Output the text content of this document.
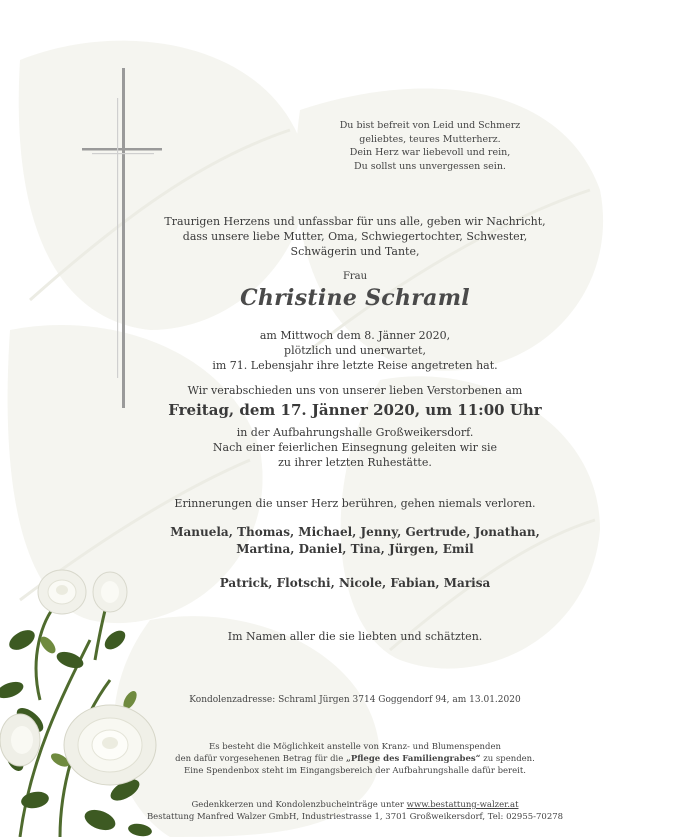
Du bist befreit von Leid und Schmerz
geliebtes, teures Mutterherz.
Dein Herz war liebevoll und rein,
Du sollst uns unvergessen sein.
Traurigen Herzens und unfassbar für uns alle, geben wir Nachricht,
dass unsere liebe Mutter, Oma, Schwiegertochter, Schwester,
Schwägerin und Tante,
Frau
Christine Schraml
am Mittwoch dem 8. Jänner 2020,
plötzlich und unerwartet,
im 71. Lebensjahr ihre letzte Reise angetreten hat.
Wir verabschieden uns von unserer lieben Verstorbenen am
Freitag, dem 17. Jänner 2020, um 11:00 Uhr
in der Aufbahrungshalle Großweikersdorf.
Nach einer feierlichen Einsegnung geleiten wir sie
zu ihrer letzten Ruhestätte.
Erinnerungen die unser Herz berühren, gehen niemals verloren.
Manuela, Thomas, Michael, Jenny, Gertrude, Jonathan,
Martina, Daniel, Tina, Jürgen, Emil
Patrick, Flotschi, Nicole, Fabian, Marisa
Im Namen aller die sie liebten und schätzten.
Kondolenzadresse: Schraml Jürgen 3714 Goggendorf 94, am 13.01.2020
Es besteht die Möglichkeit anstelle von Kranz- und Blumenspenden
den dafür vorgesehenen Betrag für die „Pflege des Familiengrabes“ zu spenden.
Eine Spendenbox steht im Eingangsbereich der Aufbahrungshalle dafür bereit.
Gedenkkerzen und Kondolenzbucheinträge unter www.bestattung-walzer.at
Bestattung Manfred Walzer GmbH, Industriestrasse 1, 3701 Großweikersdorf, Tel: 02955-70278
